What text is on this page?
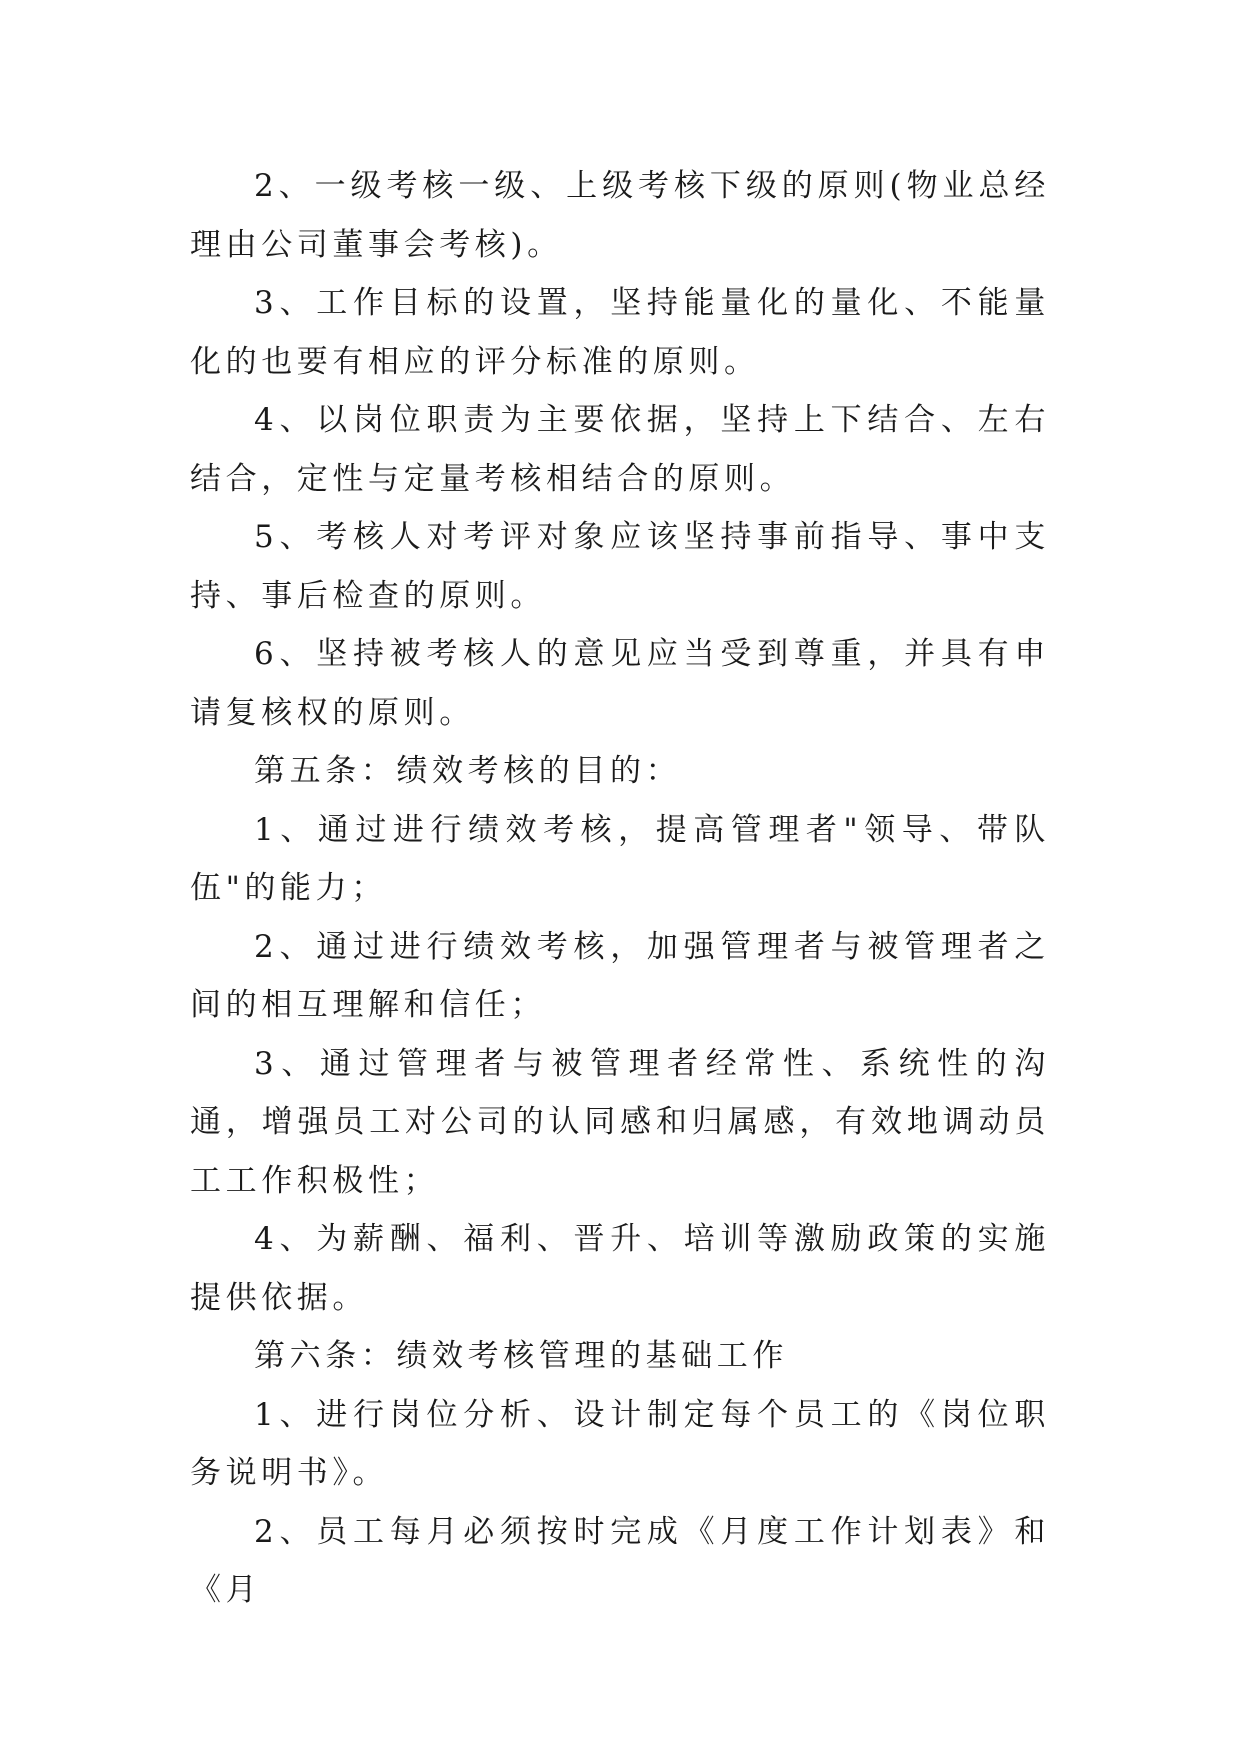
2、一级考核一级、上级考核下级的原则(物业总经理由公司董事会考核)。

3、工作目标的设置，坚持能量化的量化、不能量化的也要有相应的评分标准的原则。

4、以岗位职责为主要依据，坚持上下结合、左右结合，定性与定量考核相结合的原则。

5、考核人对考评对象应该坚持事前指导、事中支持、事后检查的原则。

6、坚持被考核人的意见应当受到尊重，并具有申请复核权的原则。

第五条：绩效考核的目的：

1、通过进行绩效考核，提高管理者"领导、带队伍"的能力；

2、通过进行绩效考核，加强管理者与被管理者之间的相互理解和信任；

3、通过管理者与被管理者经常性、系统性的沟通，增强员工对公司的认同感和归属感，有效地调动员工工作积极性；

4、为薪酬、福利、晋升、培训等激励政策的实施提供依据。

第六条：绩效考核管理的基础工作

1、进行岗位分析、设计制定每个员工的《岗位职务说明书》。

2、员工每月必须按时完成《月度工作计划表》和《月
